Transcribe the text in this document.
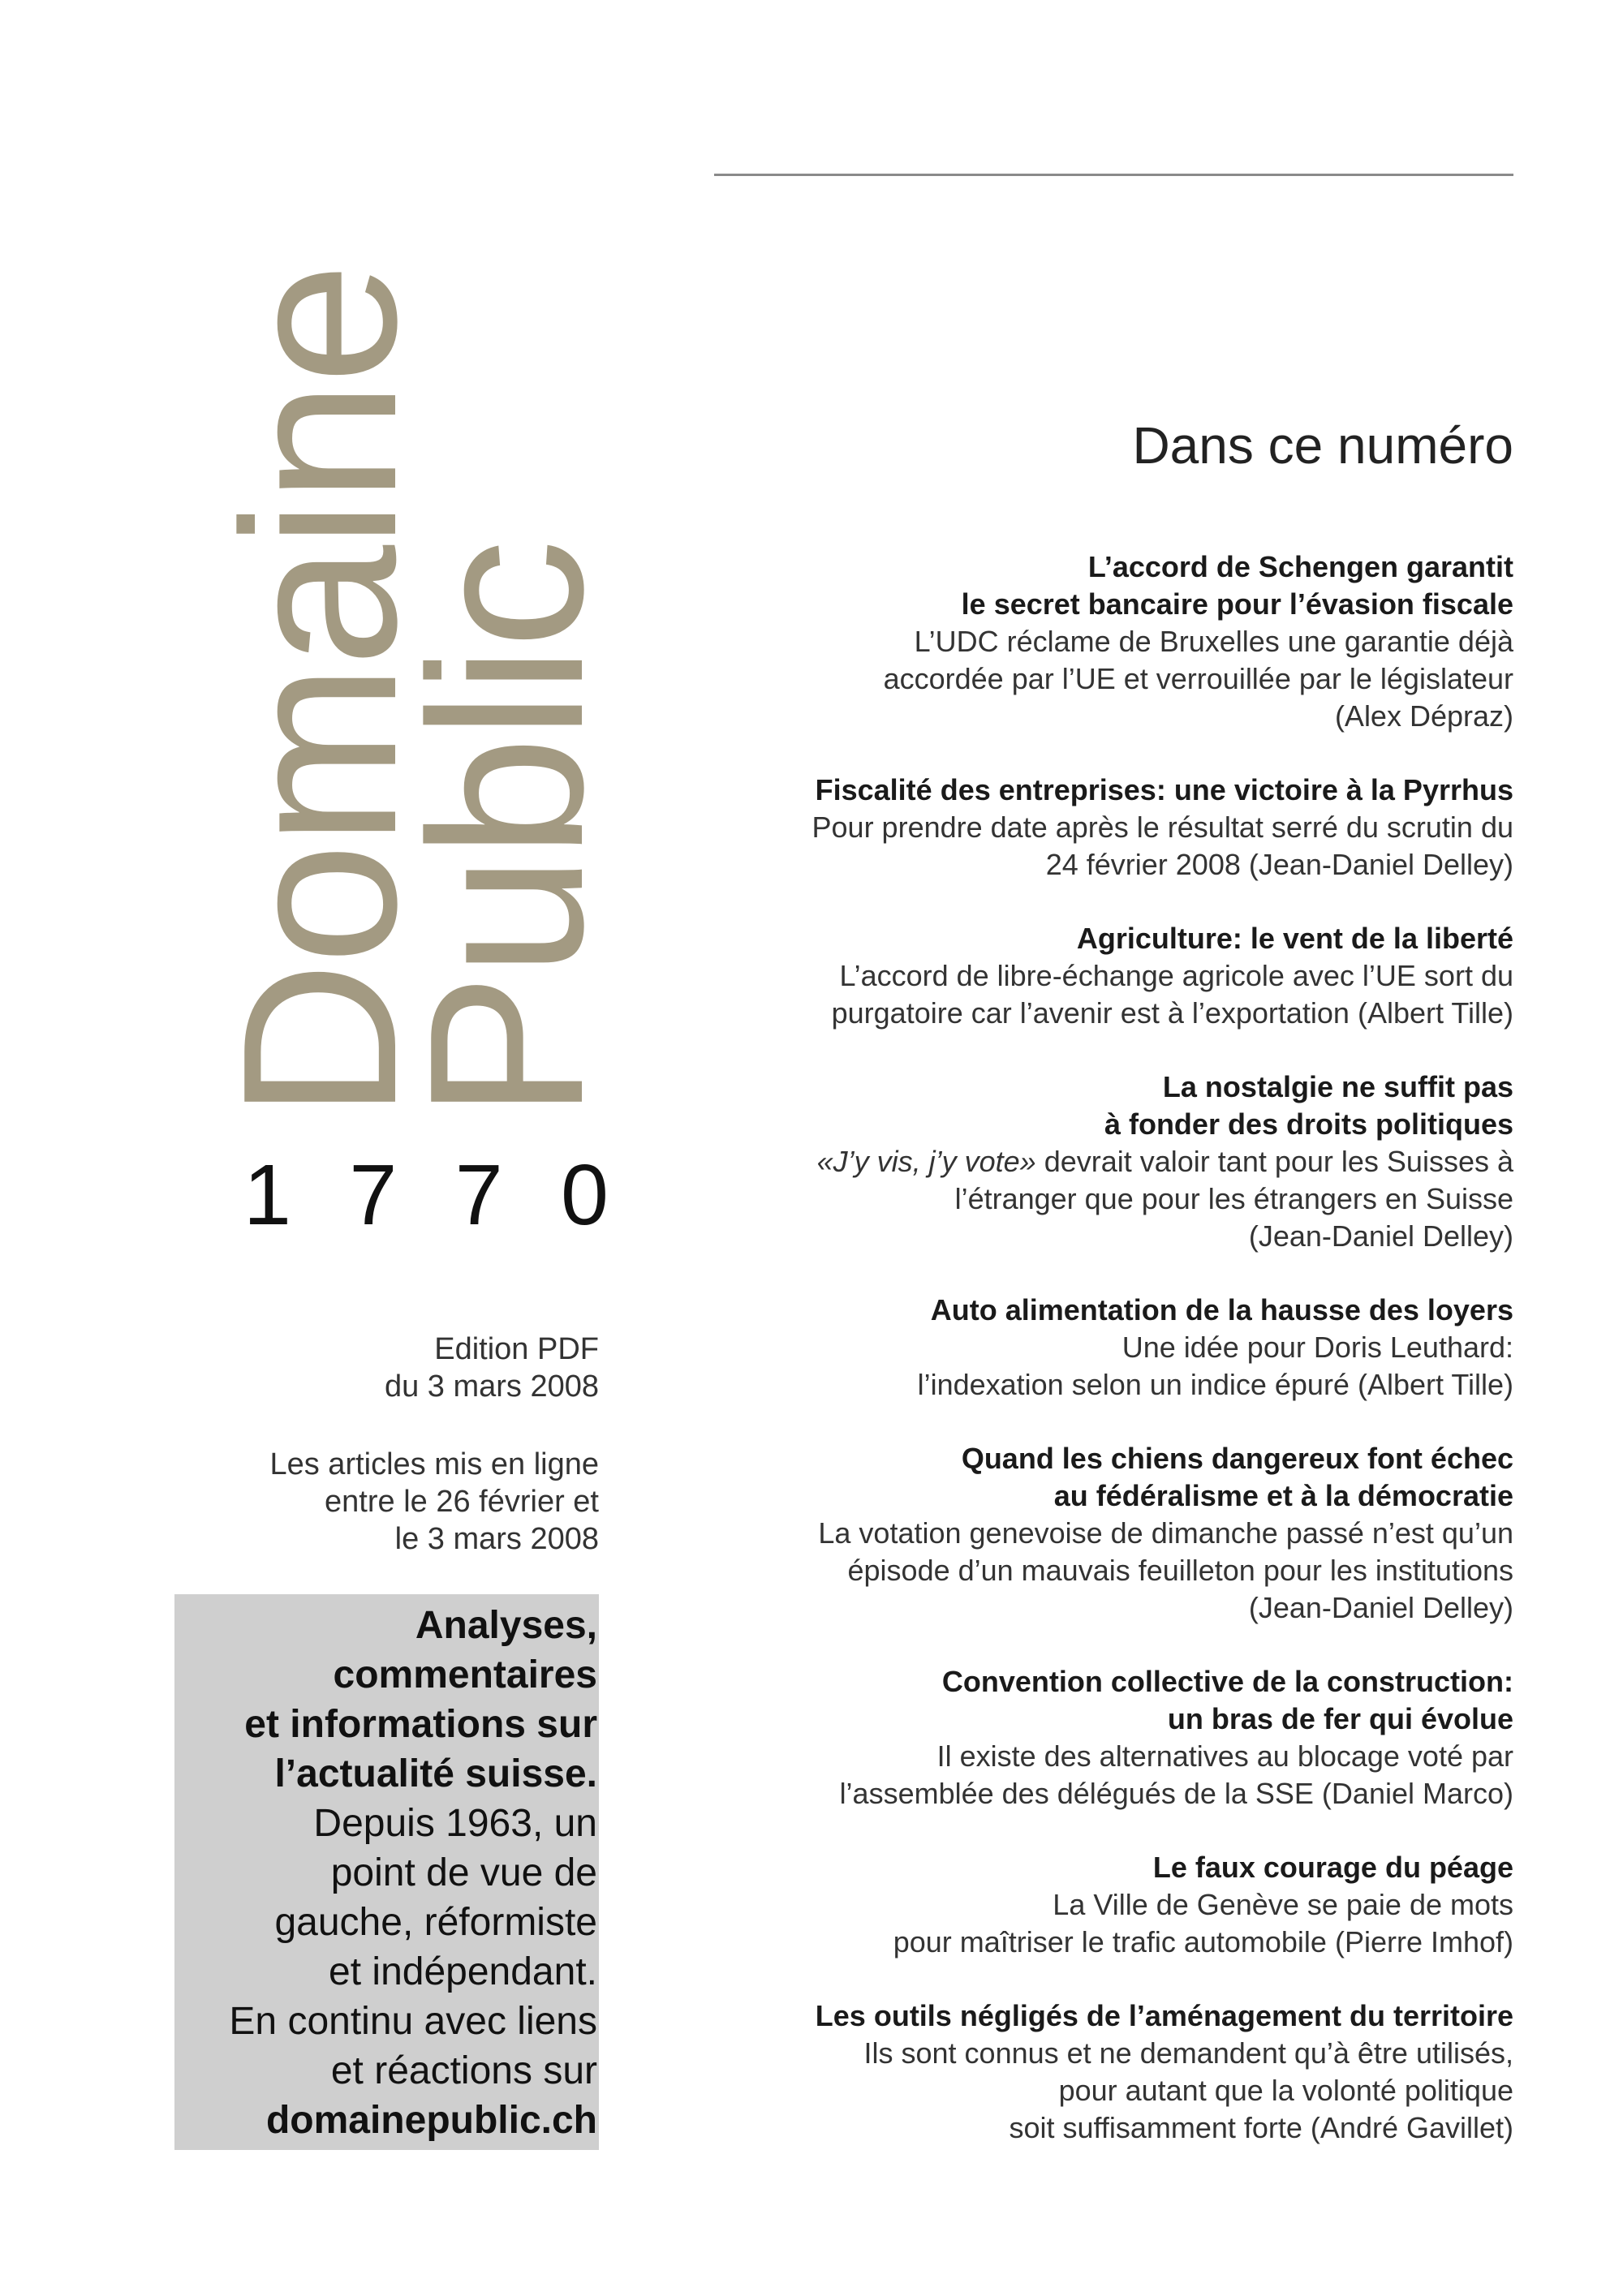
Domaine
Public
1 7 7 0
Edition PDF
du 3 mars 2008
Les articles mis en ligne
entre le 26 février et
le 3 mars 2008
Analyses,
commentaires
et informations sur
l’actualité suisse.
Depuis 1963, un
point de vue de
gauche, réformiste
et indépendant.
En continu avec liens
et réactions sur
domainepublic.ch
Dans ce numéro
L’accord de Schengen garantit
le secret bancaire pour l’évasion fiscale
L’UDC réclame de Bruxelles une garantie déjà
accordée par l’UE et verrouillée par le législateur
(Alex Dépraz)
Fiscalité des entreprises: une victoire à la Pyrrhus
Pour prendre date après le résultat serré du scrutin du
24 février 2008 (Jean-Daniel Delley)
Agriculture: le vent de la liberté
L’accord de libre-échange agricole avec l’UE sort du
purgatoire car l’avenir est à l’exportation (Albert Tille)
La nostalgie ne suffit pas
à fonder des droits politiques
«J’y vis, j’y vote» devrait valoir tant pour les Suisses à
l’étranger que pour les étrangers en Suisse
(Jean-Daniel Delley)
Auto alimentation de la hausse des loyers
Une idée pour Doris Leuthard:
l’indexation selon un indice épuré (Albert Tille)
Quand les chiens dangereux font échec
au fédéralisme et à la démocratie
La votation genevoise de dimanche passé n’est qu’un
épisode d’un mauvais feuilleton pour les institutions
(Jean-Daniel Delley)
Convention collective de la construction:
un bras de fer qui évolue
Il existe des alternatives au blocage voté par
l’assemblée des délégués de la SSE (Daniel Marco)
Le faux courage du péage
La Ville de Genève se paie de mots
pour maîtriser le trafic automobile (Pierre Imhof)
Les outils négligés de l’aménagement du territoire
Ils sont connus et ne demandent qu’à être utilisés,
pour autant que la volonté politique
soit suffisamment forte (André Gavillet)
